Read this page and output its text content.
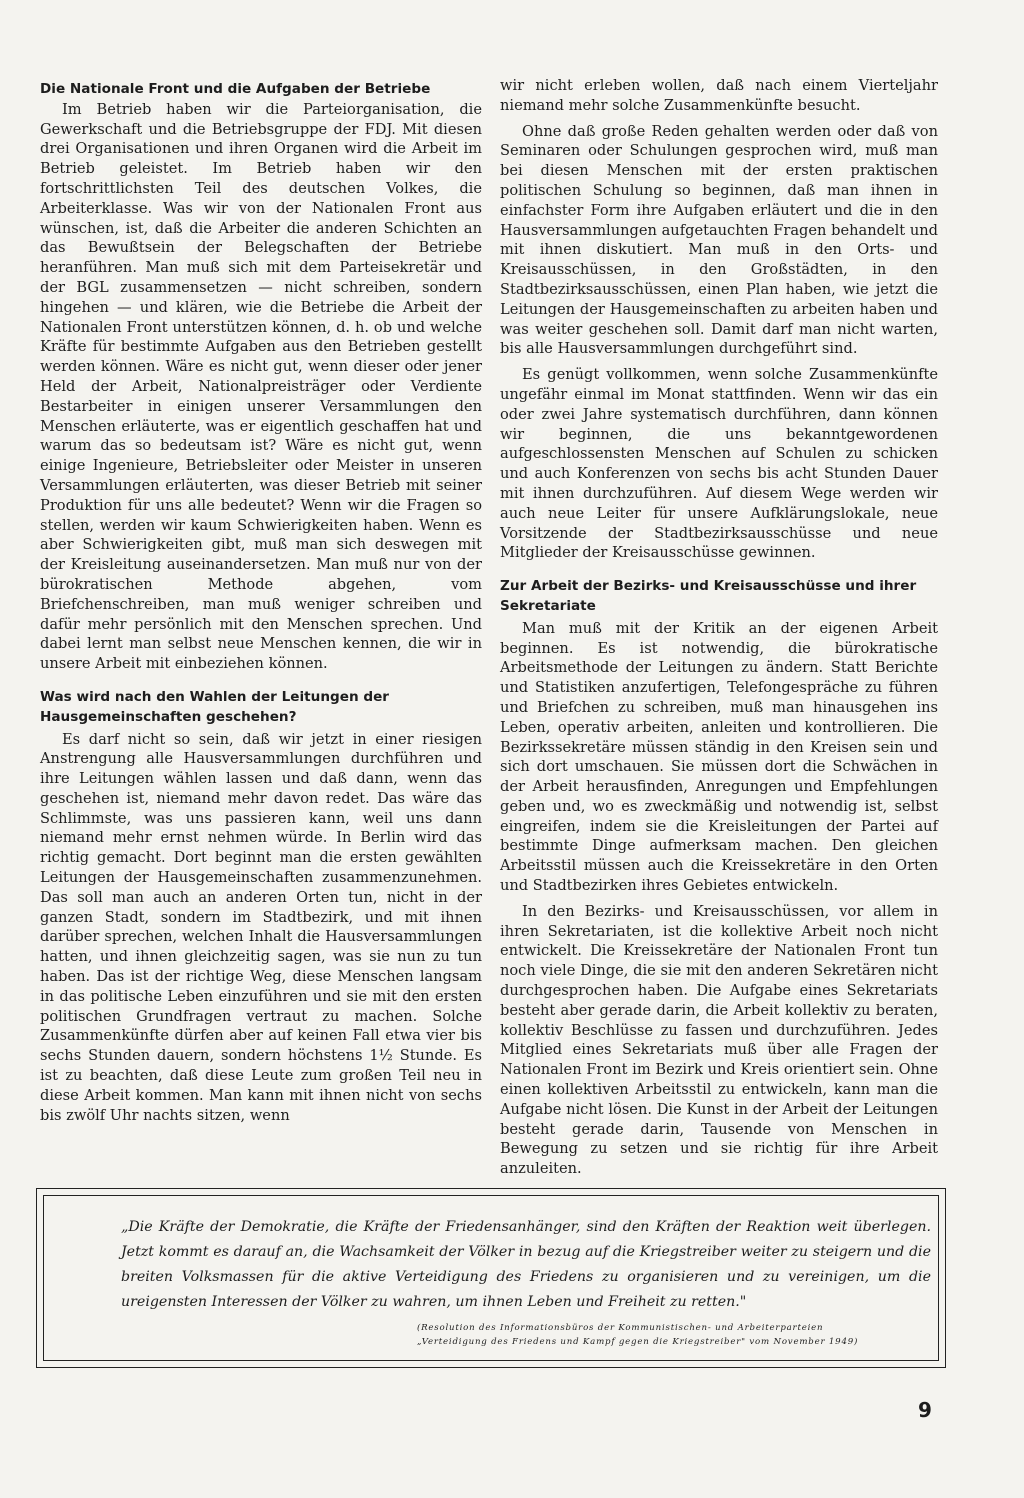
Die Nationale Front und die Aufgaben der Betriebe

Im Betrieb haben wir die Parteiorganisation, die Gewerkschaft und die Betriebsgruppe der FDJ. Mit diesen drei Organisationen und ihren Organen wird die Arbeit im Betrieb geleistet. Im Betrieb haben wir den fortschrittlichsten Teil des deutschen Volkes, die Arbeiterklasse. Was wir von der Nationalen Front aus wünschen, ist, daß die Arbeiter die anderen Schichten an das Bewußtsein der Belegschaften der Betriebe heranführen. Man muß sich mit dem Parteisekretär und der BGL zusammensetzen — nicht schreiben, sondern hingehen — und klären, wie die Betriebe die Arbeit der Nationalen Front unterstützen können, d. h. ob und welche Kräfte für bestimmte Aufgaben aus den Betrieben gestellt werden können. Wäre es nicht gut, wenn dieser oder jener Held der Arbeit, Nationalpreisträger oder Verdiente Bestarbeiter in einigen unserer Versammlungen den Menschen erläuterte, was er eigentlich geschaffen hat und warum das so bedeutsam ist? Wäre es nicht gut, wenn einige Ingenieure, Betriebsleiter oder Meister in unseren Versammlungen erläuterten, was dieser Betrieb mit seiner Produktion für uns alle bedeutet? Wenn wir die Fragen so stellen, werden wir kaum Schwierigkeiten haben. Wenn es aber Schwierigkeiten gibt, muß man sich deswegen mit der Kreisleitung auseinandersetzen. Man muß nur von der bürokratischen Methode abgehen, vom Briefchenschreiben, man muß weniger schreiben und dafür mehr persönlich mit den Menschen sprechen. Und dabei lernt man selbst neue Menschen kennen, die wir in unsere Arbeit mit einbeziehen können.

Was wird nach den Wahlen der Leitungen der Hausgemeinschaften geschehen?

Es darf nicht so sein, daß wir jetzt in einer riesigen Anstrengung alle Hausversammlungen durchführen und ihre Leitungen wählen lassen und daß dann, wenn das geschehen ist, niemand mehr davon redet. Das wäre das Schlimmste, was uns passieren kann, weil uns dann niemand mehr ernst nehmen würde. In Berlin wird das richtig gemacht. Dort beginnt man die ersten gewählten Leitungen der Hausgemeinschaften zusammenzunehmen. Das soll man auch an anderen Orten tun, nicht in der ganzen Stadt, sondern im Stadtbezirk, und mit ihnen darüber sprechen, welchen Inhalt die Hausversammlungen hatten, und ihnen gleichzeitig sagen, was sie nun zu tun haben. Das ist der richtige Weg, diese Menschen langsam in das politische Leben einzuführen und sie mit den ersten politischen Grundfragen vertraut zu machen. Solche Zusammenkünfte dürfen aber auf keinen Fall etwa vier bis sechs Stunden dauern, sondern höchstens 1½ Stunde. Es ist zu beachten, daß diese Leute zum großen Teil neu in diese Arbeit kommen. Man kann mit ihnen nicht von sechs bis zwölf Uhr nachts sitzen, wenn

wir nicht erleben wollen, daß nach einem Vierteljahr niemand mehr solche Zusammenkünfte besucht.

Ohne daß große Reden gehalten werden oder daß von Seminaren oder Schulungen gesprochen wird, muß man bei diesen Menschen mit der ersten praktischen politischen Schulung so beginnen, daß man ihnen in einfachster Form ihre Aufgaben erläutert und die in den Hausversammlungen aufgetauchten Fragen behandelt und mit ihnen diskutiert. Man muß in den Orts- und Kreisausschüssen, in den Großstädten, in den Stadtbezirksausschüssen, einen Plan haben, wie jetzt die Leitungen der Hausgemeinschaften zu arbeiten haben und was weiter geschehen soll. Damit darf man nicht warten, bis alle Hausversammlungen durchgeführt sind.

Es genügt vollkommen, wenn solche Zusammenkünfte ungefähr einmal im Monat stattfinden. Wenn wir das ein oder zwei Jahre systematisch durchführen, dann können wir beginnen, die uns bekanntgewordenen aufgeschlossensten Menschen auf Schulen zu schicken und auch Konferenzen von sechs bis acht Stunden Dauer mit ihnen durchzuführen. Auf diesem Wege werden wir auch neue Leiter für unsere Aufklärungslokale, neue Vorsitzende der Stadtbezirksausschüsse und neue Mitglieder der Kreisausschüsse gewinnen.

Zur Arbeit der Bezirks- und Kreisausschüsse und ihrer Sekretariate

Man muß mit der Kritik an der eigenen Arbeit beginnen. Es ist notwendig, die bürokratische Arbeitsmethode der Leitungen zu ändern. Statt Berichte und Statistiken anzufertigen, Telefongespräche zu führen und Briefchen zu schreiben, muß man hinausgehen ins Leben, operativ arbeiten, anleiten und kontrollieren. Die Bezirkssekretäre müssen ständig in den Kreisen sein und sich dort umschauen. Sie müssen dort die Schwächen in der Arbeit herausfinden, Anregungen und Empfehlungen geben und, wo es zweckmäßig und notwendig ist, selbst eingreifen, indem sie die Kreisleitungen der Partei auf bestimmte Dinge aufmerksam machen. Den gleichen Arbeitsstil müssen auch die Kreissekretäre in den Orten und Stadtbezirken ihres Gebietes entwickeln.

In den Bezirks- und Kreisausschüssen, vor allem in ihren Sekretariaten, ist die kollektive Arbeit noch nicht entwickelt. Die Kreissekretäre der Nationalen Front tun noch viele Dinge, die sie mit den anderen Sekretären nicht durchgesprochen haben. Die Aufgabe eines Sekretariats besteht aber gerade darin, die Arbeit kollektiv zu beraten, kollektiv Beschlüsse zu fassen und durchzuführen. Jedes Mitglied eines Sekretariats muß über alle Fragen der Nationalen Front im Bezirk und Kreis orientiert sein. Ohne einen kollektiven Arbeitsstil zu entwickeln, kann man die Aufgabe nicht lösen. Die Kunst in der Arbeit der Leitungen besteht gerade darin, Tausende von Menschen in Bewegung zu setzen und sie richtig für ihre Arbeit anzuleiten.

„Die Kräfte der Demokratie, die Kräfte der Friedensanhänger, sind den Kräften der Reaktion weit überlegen. Jetzt kommt es darauf an, die Wachsamkeit der Völker in bezug auf die Kriegstreiber weiter zu steigern und die breiten Volksmassen für die aktive Verteidigung des Friedens zu organisieren und zu vereinigen, um die ureigensten Interessen der Völker zu wahren, um ihnen Leben und Freiheit zu retten."

(Resolution des Informationsbüros der Kommunistischen- und Arbeiterparteien
„Verteidigung des Friedens und Kampf gegen die Kriegstreiber" vom November 1949)
9
